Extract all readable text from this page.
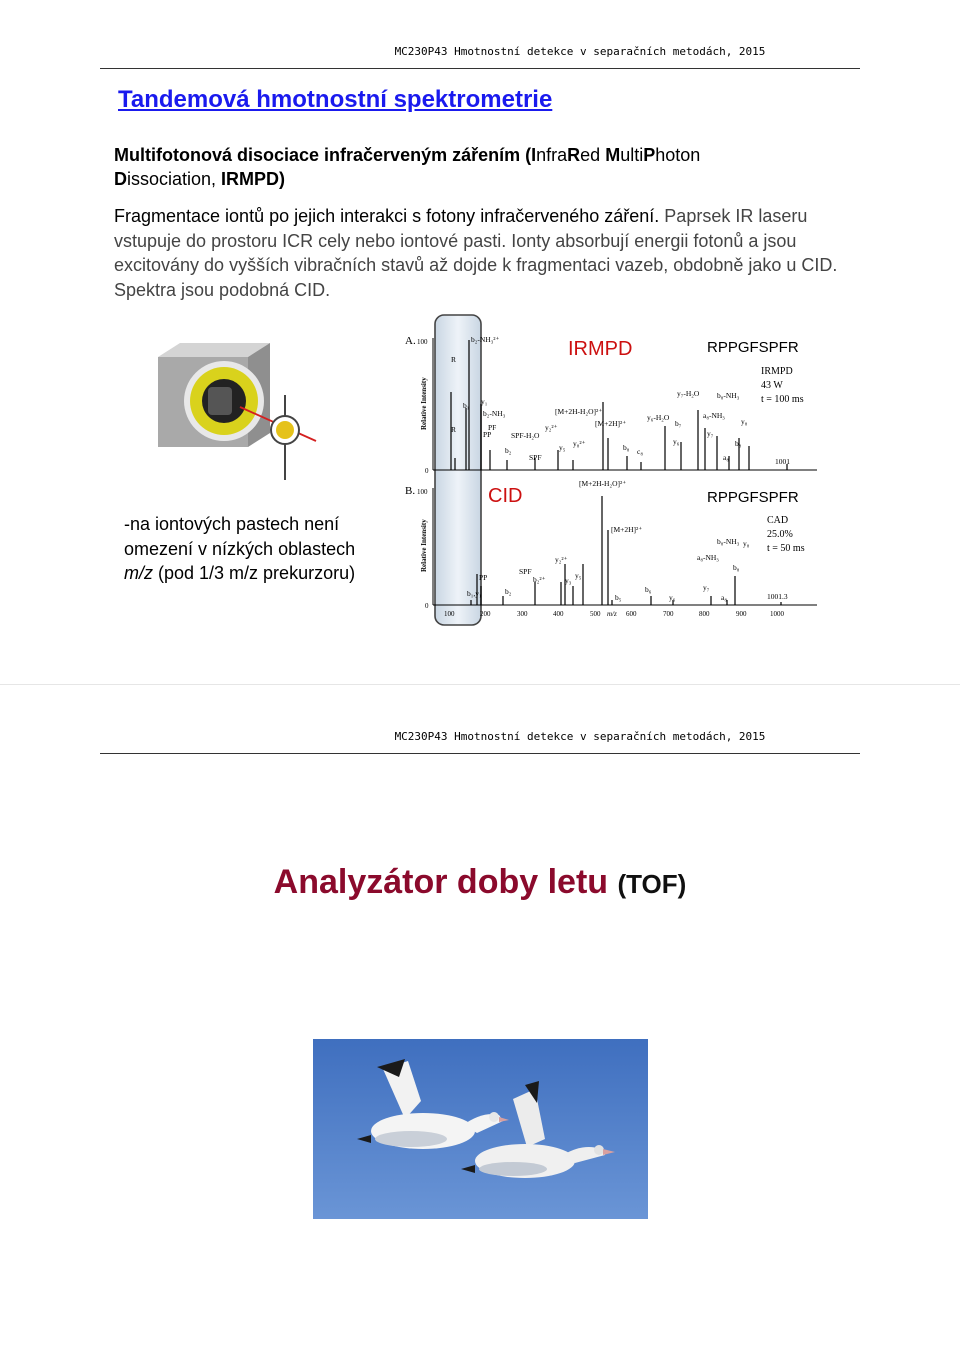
MC230P43 Hmotnostní detekce v separačních metodách, 2015
Tandemová hmotnostní spektrometrie
Multifotonová disociace infračerveným zářením (InfraRed MultiPhoton
Dissociation, IRMPD)
Fragmentace iontů po jejich interakci s fotony infračerveného záření. Paprsek IR laseru vstupuje do prostoru ICR cely nebo iontové pasti. Ionty absorbují energii fotonů a jsou excitovány do vyšších vibračních stavů až dojde k fragmentaci vazeb, obdobně jako u CID. Spektra jsou podobná CID.
A. 100
0
Relative Intensity
IRMPD	RPPGFSPFR
IRMPD
43 W
t = 100 ms
b₂-NH₃²⁺
R
y₁
b₁
b₂-NH₃
PF
R
PP
b₂
SPF-H₂O
SPF
y₂²⁺
[M+2H-H₂O]²⁺
[M+2H]²⁺
y₅ y₈²⁺	b₈ c₈
y₇-H₂O
y₆-H₂O
b₇
y₆
b₈-NH₃
a₈-NH₃
y₈
y₇
b₈
a₈	1001
B. 100
0
Relative Intensity
CID	RPPGFSPFR
CAD
25.0%
t = 50 ms
[M+2H-H₂O]²⁺
[M+2H]²⁺
PP
b₁,y₁	b₂
SPF
b₂²⁺
y₂²⁺
y₃
y₅
b₅
b₆
y₆
b₈-NH₃
a₈-NH₃
b₈
y₈
y₇
a₈	1001.3
100	200	300	400	500	600	700	800	900	1000
m/z
-na iontových pastech není omezení v nízkých oblastech m/z (pod 1/3 m/z prekurzoru)
MC230P43 Hmotnostní detekce v separačních metodách, 2015
Analyzátor doby letu (TOF)
